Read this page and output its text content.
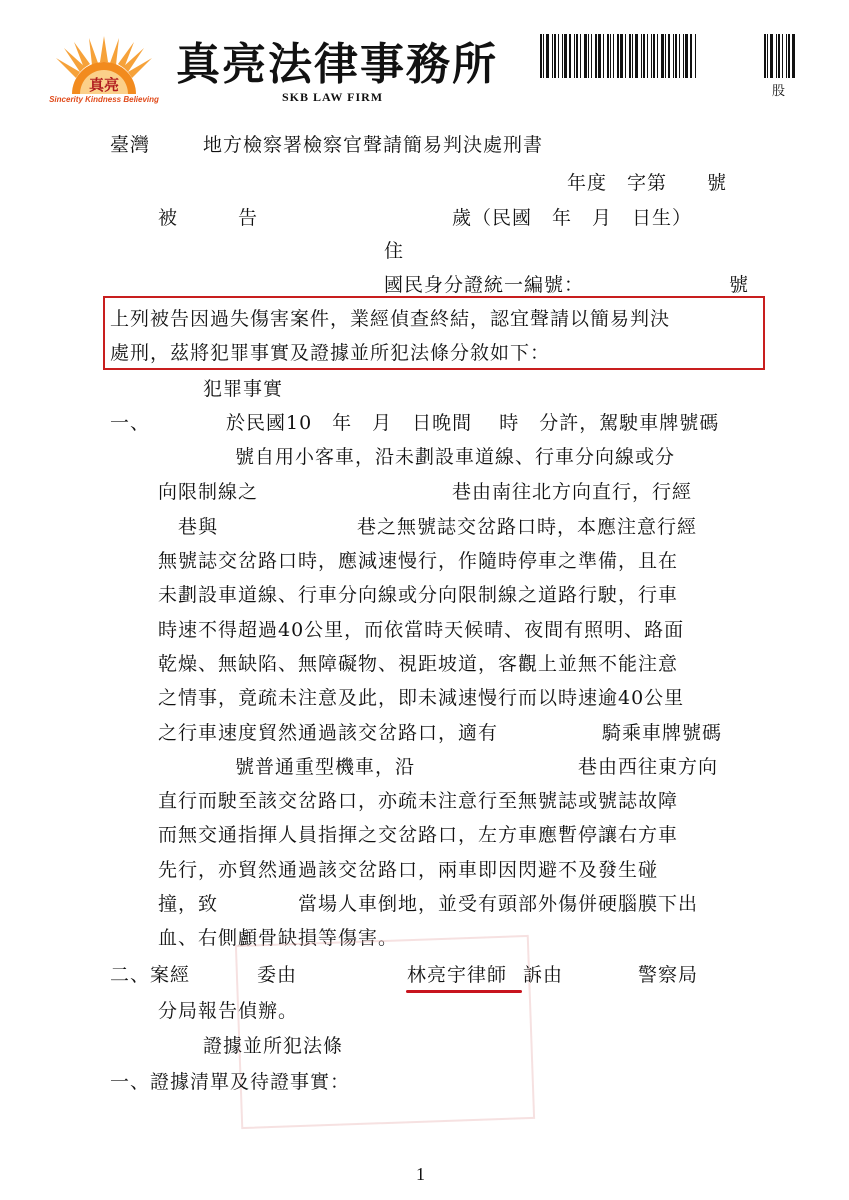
真亮
Sincerity Kindness Believing
真亮法律事務所
SKB LAW FIRM	股
臺灣	地方檢察署檢察官聲請簡易判決處刑書
年度　字第　　號
被　　　告	歲（民國　年　月　日生）
住
國民身分證統一編號：	號
上列被告因過失傷害案件，業經偵查終結，認宜聲請以簡易判決
處刑，茲將犯罪事實及證據並所犯法條分敘如下：
犯罪事實
一、	於民國10　年　月　日晚間　 時　分許，駕駛車牌號碼
號自用小客車，沿未劃設車道線、行車分向線或分
向限制線之	巷由南往北方向直行，行經
巷與	巷之無號誌交岔路口時，本應注意行經
無號誌交岔路口時，應減速慢行，作隨時停車之準備，且在
未劃設車道線、行車分向線或分向限制線之道路行駛，行車
時速不得超過40公里，而依當時天候晴、夜間有照明、路面
乾燥、無缺陷、無障礙物、視距坡道，客觀上並無不能注意
之情事，竟疏未注意及此，即未減速慢行而以時速逾40公里
之行車速度貿然通過該交岔路口，適有	騎乘車牌號碼
號普通重型機車，沿	巷由西往東方向
直行而駛至該交岔路口，亦疏未注意行至無號誌或號誌故障
而無交通指揮人員指揮之交岔路口，左方車應暫停讓右方車
先行，亦貿然通過該交岔路口，兩車即因閃避不及發生碰
撞，致	當場人車倒地，並受有頭部外傷併硬腦膜下出
血、右側顱骨缺損等傷害。
二、案經	委由	林亮宇律師 訴由	警察局
分局報告偵辦。
證據並所犯法條
一、證據清單及待證事實：
1
